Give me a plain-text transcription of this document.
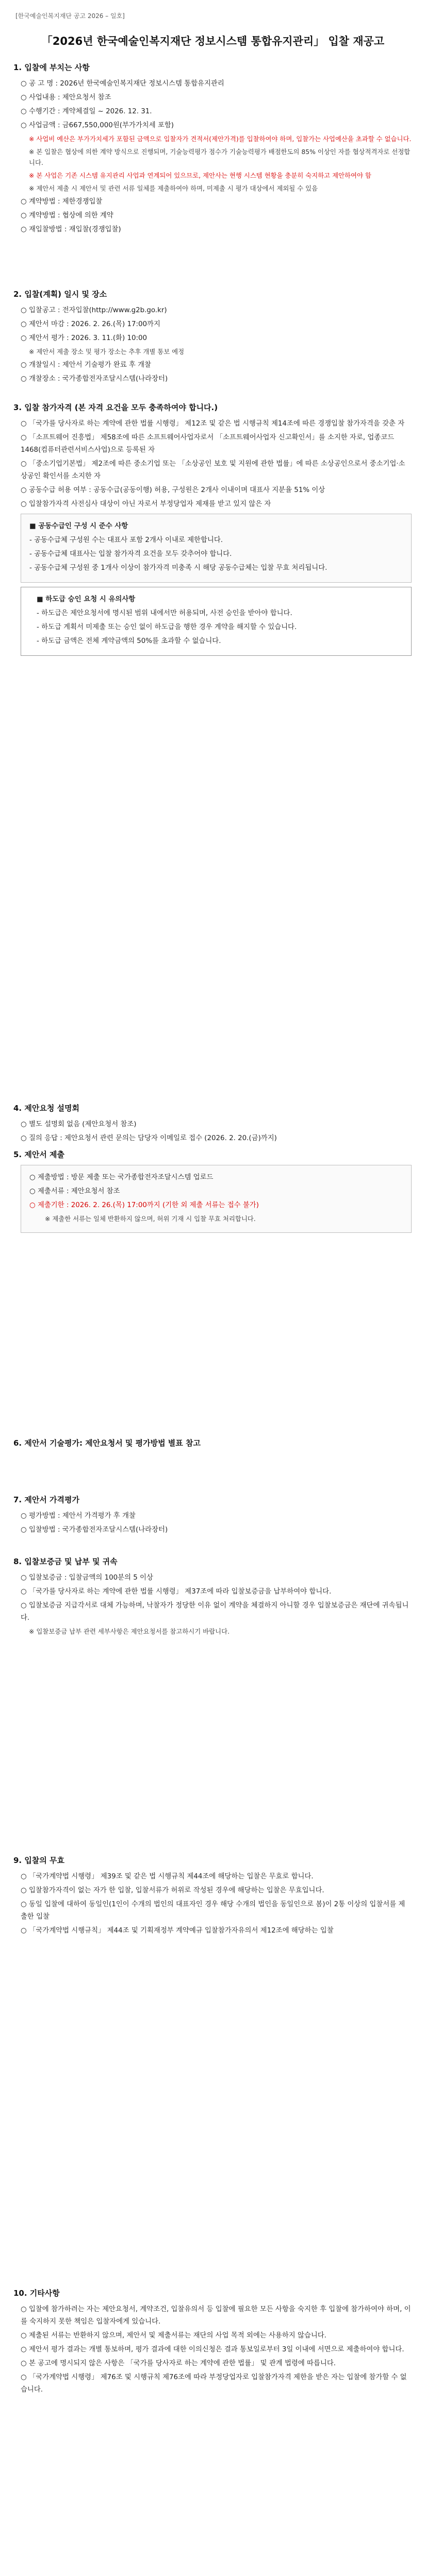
[한국예술인복지재단 공고 2026 – 일호]
「2026년 한국예술인복지재단 정보시스템 통합유지관리」 입찰 재공고
1. 입찰에 부치는 사항
○ 공 고 명 : 2026년 한국예술인복지재단 정보시스템 통합유지관리
○ 사업내용 : 제안요청서 참조
○ 수행기간 : 계약체결일 ~ 2026. 12. 31.
○ 사업금액 : 금667,550,000원(부가가치세 포함)
※ 사업비 예산은 부가가치세가 포함된 금액으로 입찰자가 견적서(제안가격)를 입찰하여야 하며, 입찰가는 사업예산을 초과할 수 없습니다.
※ 본 입찰은 협상에 의한 계약 방식으로 진행되며, 기술능력평가 점수가 기술능력평가 배점한도의 85% 이상인 자를 협상적격자로 선정합니다.
※ 본 사업은 기존 시스템 유지관리 사업과 연계되어 있으므로, 제안사는 현행 시스템 현황을 충분히 숙지하고 제안하여야 함
※ 제안서 제출 시 제안서 및 관련 서류 일체를 제출하여야 하며, 미제출 시 평가 대상에서 제외될 수 있음
○ 계약방법 : 제한경쟁입찰
○ 계약방법 : 협상에 의한 계약
○ 재입찰방법 : 재입찰(경쟁입찰)
2. 입찰(계획) 일시 및 장소
○ 입찰공고 : 전자입찰(http://www.g2b.go.kr)
○ 제안서 마감 : 2026. 2. 26.(목) 17:00까지
○ 제안서 평가 : 2026. 3. 11.(화) 10:00
※ 제안서 제출 장소 및 평가 장소는 추후 개별 통보 예정
○ 개찰일시 : 제안서 기술평가 완료 후 개찰
○ 개찰장소 : 국가종합전자조달시스템(나라장터)
3. 입찰 참가자격 (본 자격 요건을 모두 충족하여야 합니다.)
○ 「국가를 당사자로 하는 계약에 관한 법률 시행령」 제12조 및 같은 법 시행규칙 제14조에 따른 경쟁입찰 참가자격을 갖춘 자
○ 「소프트웨어 진흥법」 제58조에 따른 소프트웨어사업자로서 「소프트웨어사업자 신고확인서」를 소지한 자로, 업종코드 1468(컴퓨터관련서비스사업)으로 등록된 자
○ 「중소기업기본법」 제2조에 따른 중소기업 또는 「소상공인 보호 및 지원에 관한 법률」에 따른 소상공인으로서 중소기업·소상공인 확인서를 소지한 자
○ 공동수급 허용 여부 : 공동수급(공동이행) 허용, 구성원은 2개사 이내이며 대표사 지분율 51% 이상
○ 입찰참가자격 사전심사 대상이 아닌 자로서 부정당업자 제재를 받고 있지 않은 자
■ 공동수급인 구성 시 준수 사항
- 공동수급체 구성원 수는 대표사 포함 2개사 이내로 제한합니다.
- 공동수급체 대표사는 입찰 참가자격 요건을 모두 갖추어야 합니다.
- 공동수급체 구성원 중 1개사 이상이 참가자격 미충족 시 해당 공동수급체는 입찰 무효 처리됩니다.
■ 하도급 승인 요청 시 유의사항
- 하도급은 제안요청서에 명시된 범위 내에서만 허용되며, 사전 승인을 받아야 합니다.
- 하도급 계획서 미제출 또는 승인 없이 하도급을 행한 경우 계약을 해지할 수 있습니다.
- 하도급 금액은 전체 계약금액의 50%를 초과할 수 없습니다.
4. 제안요청 설명회
○ 별도 설명회 없음 (제안요청서 참조)
○ 질의 응답 : 제안요청서 관련 문의는 담당자 이메일로 접수 (2026. 2. 20.(금)까지)
5. 제안서 제출
○ 제출방법 : 방문 제출 또는 국가종합전자조달시스템 업로드
○ 제출서류 : 제안요청서 참조
○ 제출기한 : 2026. 2. 26.(목) 17:00까지 (기한 외 제출 서류는 접수 불가)
※ 제출한 서류는 일체 반환하지 않으며, 허위 기재 시 입찰 무효 처리합니다.
6. 제안서 기술평가: 제안요청서 및 평가방법 별표 참고
7. 제안서 가격평가
○ 평가방법 : 제안서 가격평가 후 개찰
○ 입찰방법 : 국가종합전자조달시스템(나라장터)
8. 입찰보증금 및 납부 및 귀속
○ 입찰보증금 : 입찰금액의 100분의 5 이상
○ 「국가를 당사자로 하는 계약에 관한 법률 시행령」 제37조에 따라 입찰보증금을 납부하여야 합니다.
○ 입찰보증금 지급각서로 대체 가능하며, 낙찰자가 정당한 이유 없이 계약을 체결하지 아니할 경우 입찰보증금은 재단에 귀속됩니다.
※ 입찰보증금 납부 관련 세부사항은 제안요청서를 참고하시기 바랍니다.
9. 입찰의 무효
○ 「국가계약법 시행령」 제39조 및 같은 법 시행규칙 제44조에 해당하는 입찰은 무효로 합니다.
○ 입찰참가자격이 없는 자가 한 입찰, 입찰서류가 허위로 작성된 경우에 해당하는 입찰은 무효입니다.
○ 동일 입찰에 대하여 동일인(1인이 수개의 법인의 대표자인 경우 해당 수개의 법인을 동일인으로 봄)이 2통 이상의 입찰서를 제출한 입찰
○ 「국가계약법 시행규칙」 제44조 및 기획재정부 계약예규 입찰참가자유의서 제12조에 해당하는 입찰
10. 기타사항
○ 입찰에 참가하려는 자는 제안요청서, 계약조건, 입찰유의서 등 입찰에 필요한 모든 사항을 숙지한 후 입찰에 참가하여야 하며, 이를 숙지하지 못한 책임은 입찰자에게 있습니다.
○ 제출된 서류는 반환하지 않으며, 제안서 및 제출서류는 재단의 사업 목적 외에는 사용하지 않습니다.
○ 제안서 평가 결과는 개별 통보하며, 평가 결과에 대한 이의신청은 결과 통보일로부터 3일 이내에 서면으로 제출하여야 합니다.
○ 본 공고에 명시되지 않은 사항은 「국가를 당사자로 하는 계약에 관한 법률」 및 관계 법령에 따릅니다.
○ 「국가계약법 시행령」 제76조 및 시행규칙 제76조에 따라 부정당업자로 입찰참가자격 제한을 받은 자는 입찰에 참가할 수 없습니다.
